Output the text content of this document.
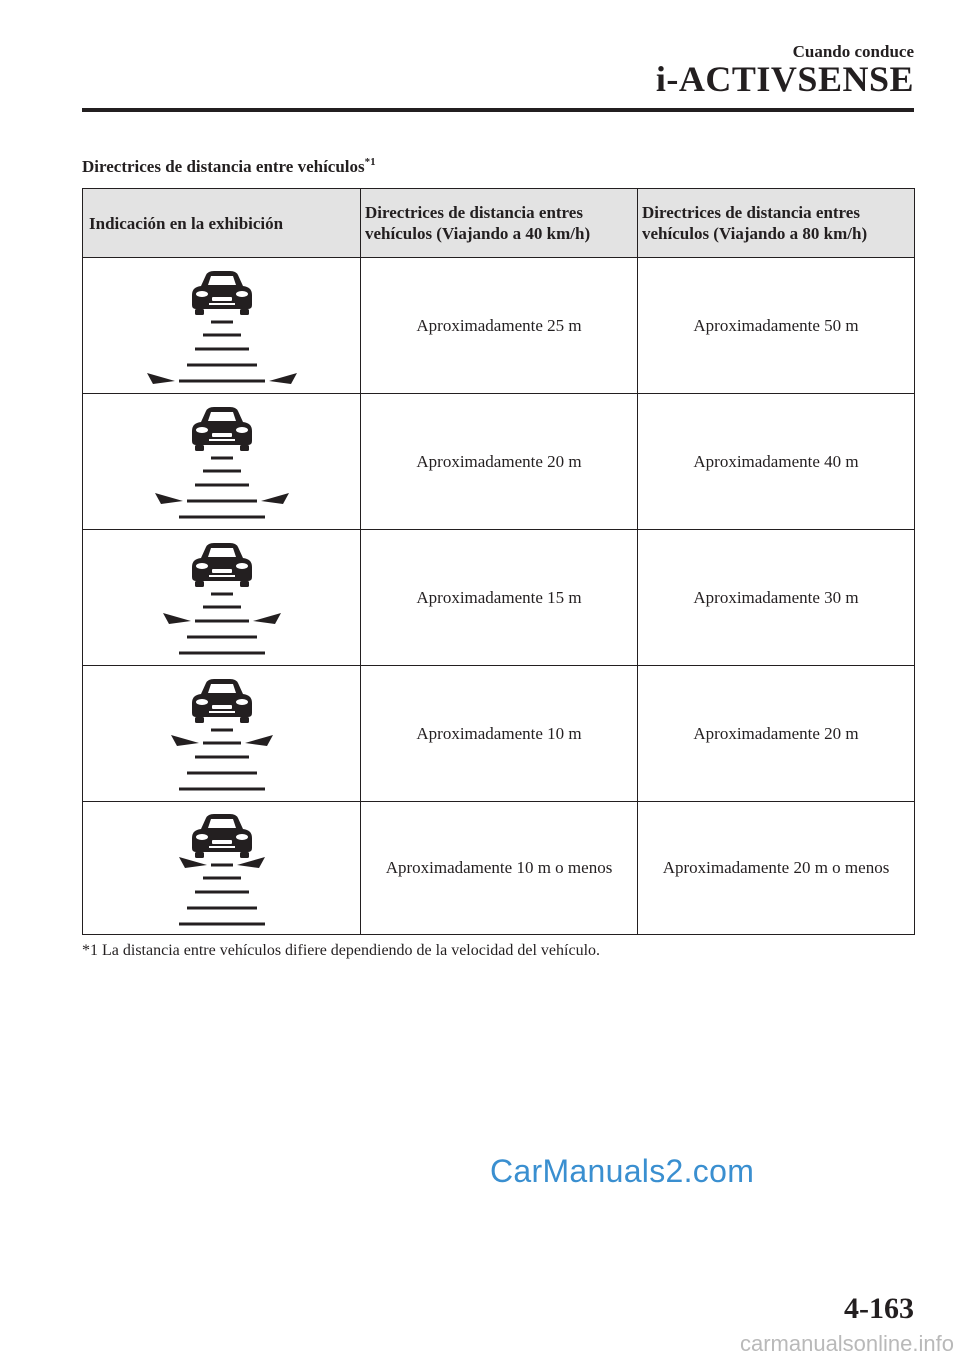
Cuando conduce
i-ACTIVSENSE
Directrices de distancia entre vehículos$^{*1}$
Indicación en la exhibición	Directrices de distancia entres vehículos (Viajando a 40 km/h)	Directrices de distancia entres vehículos (Viajando a 80 km/h)

	Aproximadamente 25 m	Aproximadamente 50 m

	Aproximadamente 20 m	Aproximadamente 40 m

	Aproximadamente 15 m	Aproximadamente 30 m

	Aproximadamente 10 m	Aproximadamente 20 m

	Aproximadamente 10 m o menos	Aproximadamente 20 m o menos
*1 La distancia entre vehículos difiere dependiendo de la velocidad del vehículo.
CarManuals2.com
4-163
carmanualsonline.info
